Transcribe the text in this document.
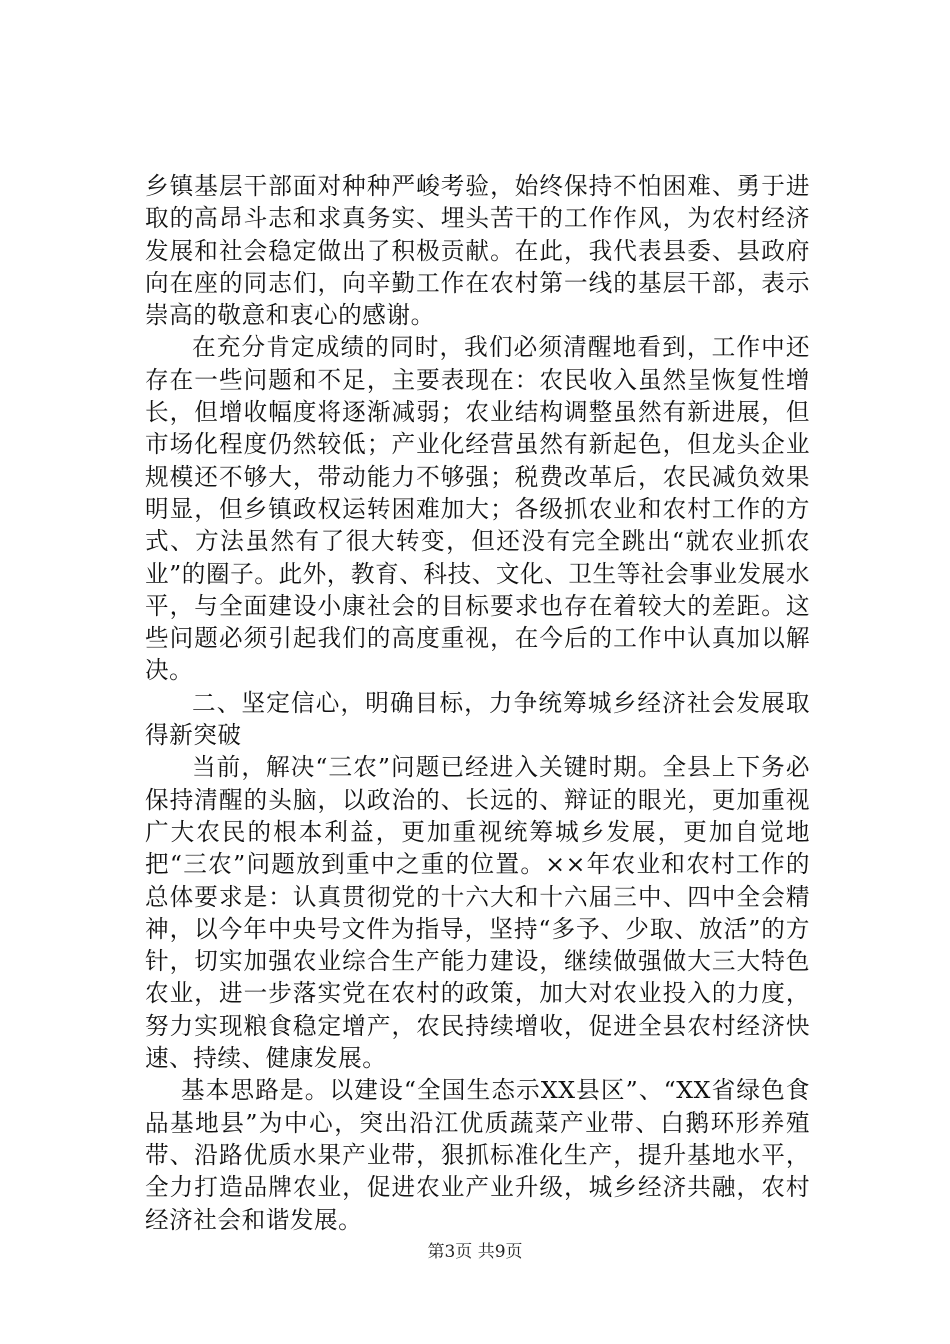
乡镇基层干部面对种种严峻考验，始终保持不怕困难、勇于进取的高昂斗志和求真务实、埋头苦干的工作作风，为农村经济发展和社会稳定做出了积极贡献。在此，我代表县委、县政府向在座的同志们，向辛勤工作在农村第一线的基层干部，表示崇高的敬意和衷心的感谢。

在充分肯定成绩的同时，我们必须清醒地看到，工作中还存在一些问题和不足，主要表现在：农民收入虽然呈恢复性增长，但增收幅度将逐渐减弱；农业结构调整虽然有新进展，但市场化程度仍然较低；产业化经营虽然有新起色，但龙头企业规模还不够大，带动能力不够强；税费改革后，农民减负效果明显，但乡镇政权运转困难加大；各级抓农业和农村工作的方式、方法虽然有了很大转变，但还没有完全跳出“就农业抓农业”的圈子。此外，教育、科技、文化、卫生等社会事业发展水平，与全面建设小康社会的目标要求也存在着较大的差距。这些问题必须引起我们的高度重视，在今后的工作中认真加以解决。

二、坚定信心，明确目标，力争统筹城乡经济社会发展取得新突破

当前，解决“三农”问题已经进入关键时期。全县上下务必保持清醒的头脑，以政治的、长远的、辩证的眼光，更加重视广大农民的根本利益，更加重视统筹城乡发展，更加自觉地把“三农”问题放到重中之重的位置。××年农业和农村工作的总体要求是：认真贯彻党的十六大和十六届三中、四中全会精神，以今年中央号文件为指导，坚持“多予、少取、放活”的方针，切实加强农业综合生产能力建设，继续做强做大三大特色农业，进一步落实党在农村的政策，加大对农业投入的力度，努力实现粮食稳定增产，农民持续增收，促进全县农村经济快速、持续、健康发展。

基本思路是。以建设“全国生态示XX县区”、“XX省绿色食品基地县”为中心，突出沿江优质蔬菜产业带、白鹅环形养殖带、沿路优质水果产业带，狠抓标准化生产，提升基地水平，全力打造品牌农业，促进农业产业升级，城乡经济共融，农村经济社会和谐发展。

第3页 共9页
